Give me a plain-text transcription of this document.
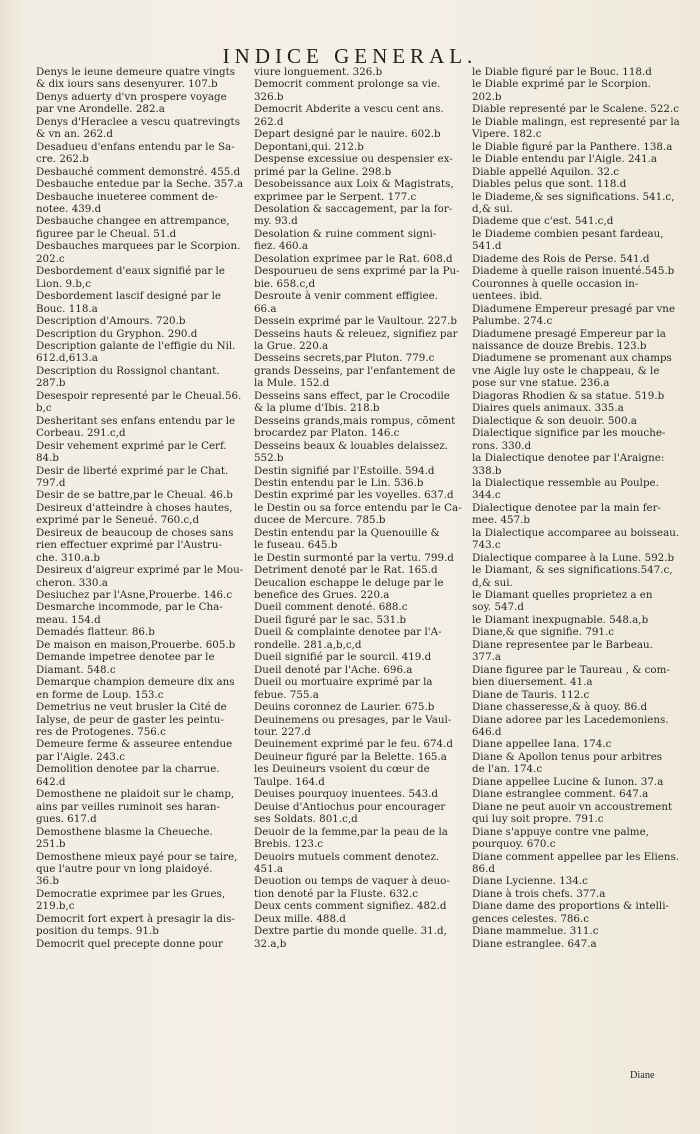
INDICE GENERAL.
Denys le ieune demeure quatre vingts
& dix iours sans desenyurer. 107.b
Denys aduerty d'vn prospere voyage
par vne Arondelle. 282.a
Denys d'Heraclee a vescu quatrevingts
& vn an. 262.d
Desadueu d'enfans entendu par le Sa-
cre. 262.b
Desbauché comment demonstré. 455.d
Desbauche entedue par la Seche. 357.a
Desbauche inueteree comment de-
notee. 439.d
Desbauche changee en attrempance,
figuree par le Cheual. 51.d
Desbauches marquees par le Scorpion.
202.c
Desbordement d'eaux signifié par le
Lion. 9.b,c
Desbordement lascif designé par le
Bouc. 118.a
Description d'Amours. 720.b
Description du Gryphon. 290.d
Description galante de l'effigie du Nil.
612.d,613.a
Description du Rossignol chantant.
287.b
Desespoir representé par le Cheual.56.
b,c
Desheritant ses enfans entendu par le
Corbeau. 291.c,d
Desir vehement exprimé par le Cerf.
84.b
Desir de liberté exprimé par le Chat.
797.d
Desir de se battre,par le Cheual. 46.b
Desireux d'atteindre à choses hautes,
exprimé par le Seneué. 760.c,d
Desireux de beaucoup de choses sans
rien effectuer exprimé par l'Austru-
che. 310.a.b
Desireux d'aigreur exprimé par le Mou-
cheron. 330.a
Desiuchez par l'Asne,Prouerbe. 146.c
Desmarche incommode, par le Cha-
meau. 154.d
Demadés flatteur. 86.b
De maison en maison,Prouerbe. 605.b
Demande impetree denotee par le
Diamant. 548.c
Demarque champion demeure dix ans
en forme de Loup. 153.c
Demetrius ne veut brusler la Cité de
Ialyse, de peur de gaster les peintu-
res de Protogenes. 756.c
Demeure ferme & asseuree entendue
par l'Aigle. 243.c
Demolition denotee par la charrue.
642.d
Demosthene ne plaidoit sur le champ,
ains par veilles ruminoit ses haran-
gues. 617.d
Demosthene blasme la Cheueche.
251.b
Demosthene mieux payé pour se taire,
que l'autre pour vn long plaidoyé.
36.b
Democratie exprimee par les Grues,
219.b,c
Democrit fort expert à presagir la dis-
position du temps. 91.b
Democrit quel precepte donne pour
viure longuement. 326.b
Democrit comment prolonge sa vie.
326.b
Democrit Abderite a vescu cent ans.
262.d
Depart designé par le nauire. 602.b
Depontani,qui. 212.b
Despense excessiue ou despensier ex-
primé par la Geline. 298.b
Desobeissance aux Loix & Magistrats,
exprimee par le Serpent. 177.c
Desolation & saccagement, par la for-
my. 93.d
Desolation & ruine comment signi-
fiez. 460.a
Desolation exprimee par le Rat. 608.d
Despourueu de sens exprimé par la Pu-
bie. 658.c,d
Desroute à venir comment effigiee.
66.a
Dessein exprimé par le Vaultour. 227.b
Desseins hauts & releuez, signifiez par
la Grue. 220.a
Desseins secrets,par Pluton. 779.c
grands Desseins, par l'enfantement de
la Mule. 152.d
Desseins sans effect, par le Crocodile
& la plume d'Ibis. 218.b
Desseins grands,mais rompus, cõment
brocardez par Platon. 146.c
Desseins beaux & louables delaissez.
552.b
Destin signifié par l'Estoille. 594.d
Destin entendu par le Lin. 536.b
Destin exprimé par les voyelles. 637.d
le Destin ou sa force entendu par le Ca-
ducee de Mercure. 785.b
Destin entendu par la Quenouille &
le fuseau. 645.b
le Destin surmonté par la vertu. 799.d
Detriment denoté par le Rat. 165.d
Deucalion eschappe le deluge par le
benefice des Grues. 220.a
Dueil comment denoté. 688.c
Dueil figuré par le sac. 531.b
Dueil & complainte denotee par l'A-
rondelle. 281.a,b,c,d
Dueil signifié par le sourcil. 419.d
Dueil denoté par l'Ache. 696.a
Dueil ou mortuaire exprimé par la
febue. 755.a
Deuins coronnez de Laurier. 675.b
Deuinemens ou presages, par le Vaul-
tour. 227.d
Deuinement exprimé par le feu. 674.d
Deuineur figuré par la Belette. 165.a
les Deuineurs vsoient du cœur de
Taulpe. 164.d
Deuises pourquoy inuentees. 543.d
Deuise d'Antiochus pour encourager
ses Soldats. 801.c,d
Deuoir de la femme,par la peau de la
Brebis. 123.c
Deuoirs mutuels comment denotez.
451.a
Deuotion ou temps de vaquer à deuo-
tion denoté par la Fluste. 632.c
Deux cents comment signifiez. 482.d
Deux mille. 488.d
Dextre partie du monde quelle. 31.d,
32.a,b
le Diable figuré par le Bouc. 118.d
le Diable exprimé par le Scorpion.
202.b
Diable representé par le Scalene. 522.c
le Diable malingn, est representé par la
Vipere. 182.c
le Diable figuré par la Panthere. 138.a
le Diable entendu par l'Aigle. 241.a
Diable appellé Aquilon. 32.c
Diables pelus que sont. 118.d
le Diademe,& ses significations. 541.c,
d,& sui.
Diademe que c'est. 541.c,d
le Diademe combien pesant fardeau,
541.d
Diademe des Rois de Perse. 541.d
Diademe à quelle raison inuenté.545.b
Couronnes à quelle occasion in-
uentees. ibid.
Diadumene Empereur presagé par vne
Palumbe. 274.c
Diadumene presagé Empereur par la
naissance de douze Brebis. 123.b
Diadumene se promenant aux champs
vne Aigle luy oste le chappeau, & le
pose sur vne statue. 236.a
Diagoras Rhodien & sa statue. 519.b
Diaires quels animaux. 335.a
Dialectique & son deuoir. 500.a
Dialectique significe par les mouche-
rons. 330.d
la Dialectique denotee par l'Araigne:
338.b
la Dialectique ressemble au Poulpe.
344.c
Dialectique denotee par la main fer-
mee. 457.b
la Dialectique accomparee au boisseau.
743.c
Dialectique comparee à la Lune. 592.b
le Diamant, & ses significations.547.c,
d,& sui.
le Diamant quelles proprietez a en
soy. 547.d
le Diamant inexpugnable. 548.a,b
Diane,& que signifie. 791.c
Diane representee par le Barbeau.
377.a
Diane figuree par le Taureau , & com-
bien diuersement. 41.a
Diane de Tauris. 112.c
Diane chasseresse,& à quoy. 86.d
Diane adoree par les Lacedemoniens.
646.d
Diane appellee Iana. 174.c
Diane & Apollon tenus pour arbitres
de l'an. 174.c
Diane appellee Lucine & Iunon. 37.a
Diane estranglee comment. 647.a
Diane ne peut auoir vn accoustrement
qui luy soit propre. 791.c
Diane s'appuye contre vne palme,
pourquoy. 670.c
Diane comment appellee par les Eliens.
86.d
Diane Lycienne. 134.c
Diane à trois chefs. 377.a
Diane dame des proportions & intelli-
gences celestes. 786.c
Diane mammelue. 311.c
Diane estranglee. 647.a
Diane
